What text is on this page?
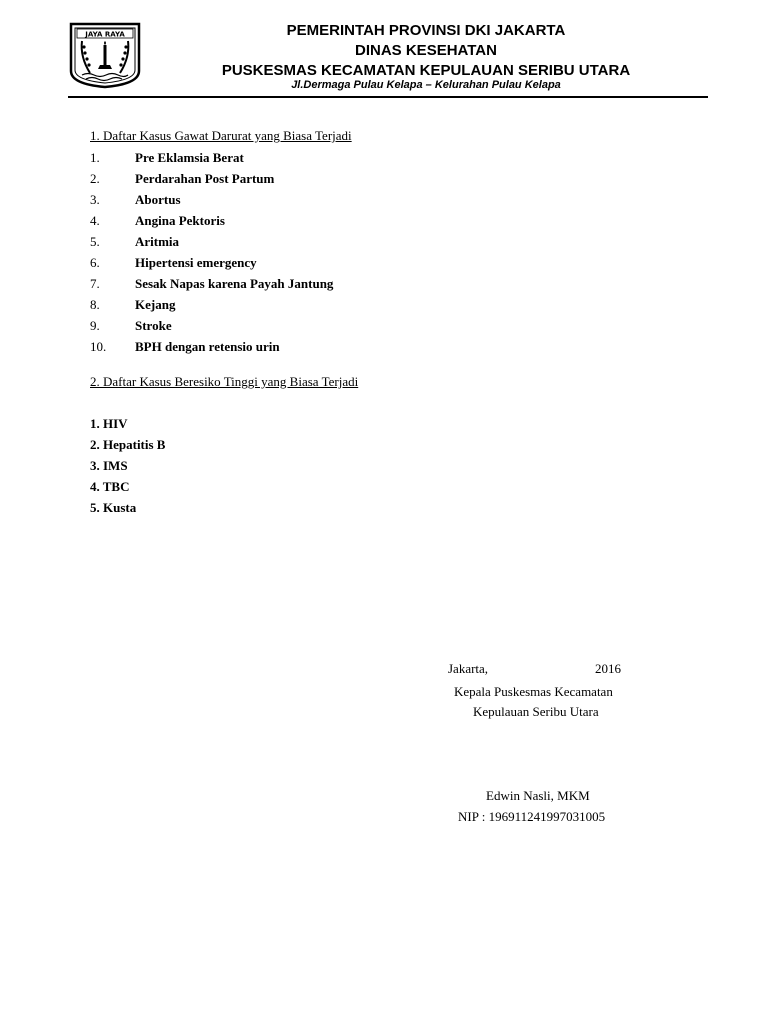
JAYA RAYA	PEMERINTAH PROVINSI DKI JAKARTA
DINAS KESEHATAN
PUSKESMAS KECAMATAN KEPULAUAN SERIBU UTARA
Jl.Dermaga Pulau Kelapa – Kelurahan Pulau Kelapa
1. Daftar Kasus Gawat Darurat yang Biasa Terjadi
1.	Pre Eklamsia Berat
2.	Perdarahan Post Partum
3.	Abortus
4.	Angina Pektoris
5.	Aritmia
6.	Hipertensi emergency
7.	Sesak Napas karena Payah Jantung
8.	Kejang
9.	Stroke
10.	BPH dengan retensio urin
2. Daftar Kasus Beresiko Tinggi yang Biasa Terjadi
1. HIV
2. Hepatitis B
3. IMS
4. TBC
5. Kusta
Jakarta,	2016
Kepala Puskesmas Kecamatan
Kepulauan Seribu Utara
Edwin Nasli, MKM
NIP : 196911241997031005
